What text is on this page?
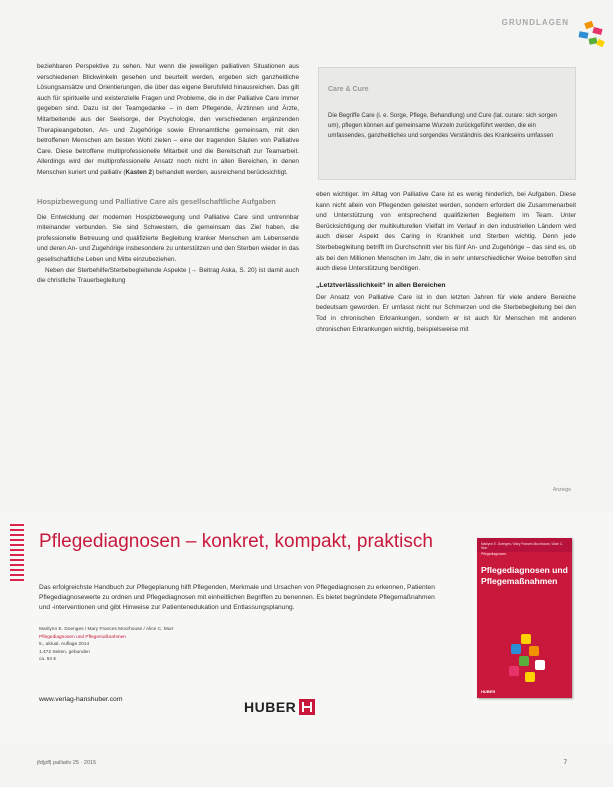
GRUNDLAGEN

beziehbaren Perspektive zu sehen. Nur wenn die jeweiligen palliativen Situationen aus verschiedenen Blickwinkeln gesehen und beurteilt werden, ergeben sich ganzheitliche Lösungsansätze und Orientierungen, die über das eigene Berufsfeld hinausreichen. Das gilt auch für spirituelle und existenzielle Fragen und Probleme, die in der Palliative Care immer gegeben sind. Dazu ist der Teamgedanke – in dem Pflegende, Ärztinnen und Ärzte, Mitarbeitende aus der Seelsorge, der Psychologie, den verschiedenen ergänzenden Therapieangeboten, An- und Zugehörige sowie Ehrenamtliche gemeinsam, mit den betroffenen Menschen am besten Wohl zielen – eine der tragenden Säulen von Palliative Care. Diese betroffene multiprofessionelle Mitarbeit und die Bereitschaft zur Teamarbeit. Allerdings wird der multiprofessionelle Ansatz noch nicht in allen Bereichen, in denen Menschen kuriert und palliativ (Kasten 2) behandelt werden, ausreichend berücksichtigt.

Hospizbewegung und Palliative Care als gesellschaftliche Aufgaben

Die Entwicklung der modernen Hospizbewegung und Palliative Care sind untrennbar miteinander verbunden. Sie sind Schwestern, die gemeinsam das Ziel haben, die professionelle Betreuung und qualifizierte Begleitung kranker Menschen am Lebensende und deren An- und Zugehörige insbesondere zu unterstützen und den Sterben wieder in das gesellschaftliche Leben und Mitte einzubeziehen.

Neben der Sterbehilfe/Sterbebegleitende Aspekte (→ Beitrag Aska, S. 20) ist damit auch die christliche Trauerbegleitung

Care & Cure
Die Begriffe Care (i. e. Sorge, Pflege, Behandlung) und Cure (lat. curare: sich sorgen um), pflegen können auf gemeinsame Wurzeln zurückgeführt werden, die ein umfassendes, ganzheitliches und sorgendes Verständnis des Krankseins umfassen

eben wichtiger. Im Alltag von Palliative Care ist es wenig hinderlich, bei Aufgaben. Diese kann nicht allein von Pflegenden geleistet werden, sondern erfordert die Zusammenarbeit und Unterstützung von entsprechend qualifizierten Begleitern im Team. Unter Berücksichtigung der multikulturellen Vielfalt im Verlauf in den industriellen Ländern wird auch dieser Aspekt des Caring in Krankheit und Sterben wichtig. Denn jede Sterbebegleitung betrifft im Durchschnitt vier bis fünf An- und Zugehörige – das sind es, ob als bei den Millionen Menschen im Jahr, die in sehr unterschiedlicher Weise betroffen sind auch diese Unterstützung benötigen.

„Letztverlässlichkeit“ in allen Bereichen

Der Ansatz von Palliative Care ist in den letzten Jahren für viele andere Bereiche bedeutsam geworden. Er umfasst nicht nur Schmerzen und die Sterbebegleitung bei den Tod in chronischen Erkrankungen, sondern er ist auch für Menschen mit anderen chronischen Erkrankungen wichtig, beispielsweise mit

Anzeige
Pflegediagnosen – konkret, kompakt, praktisch
Das erfolgreichste Handbuch zur Pflegeplanung hilft Pflegenden, Merkmale und Ursachen von Pflegediagnosen zu erkennen, Patienten Pflegediagnosewerte zu ordnen und Pflegediagnosen mit einheitlichen Begriffen zu benennen. Es bietet begründete Pflegemaßnahmen und -interventionen und gibt Hinweise zur Patientenedukation und Entlassungsplanung.
Marilynn E. Doenges / Mary Frances Moorhouse / Alice C. Murr
Pflegediagnosen und Pflegemaßnahmen
5., aktual. Auflage 2014
1.472 Seiten, gebunden
ca. 64 €
www.verlag-hanshuber.com	HUBER
Marilynn E. Doenges / Mary Frances Moorhouse / Alice C. Murr
Pflegediagnosen
Pflegediagnosen und Pflegemaßnahmen
HUBER
jfd|pfl| palliativ 25 · 2015	7
